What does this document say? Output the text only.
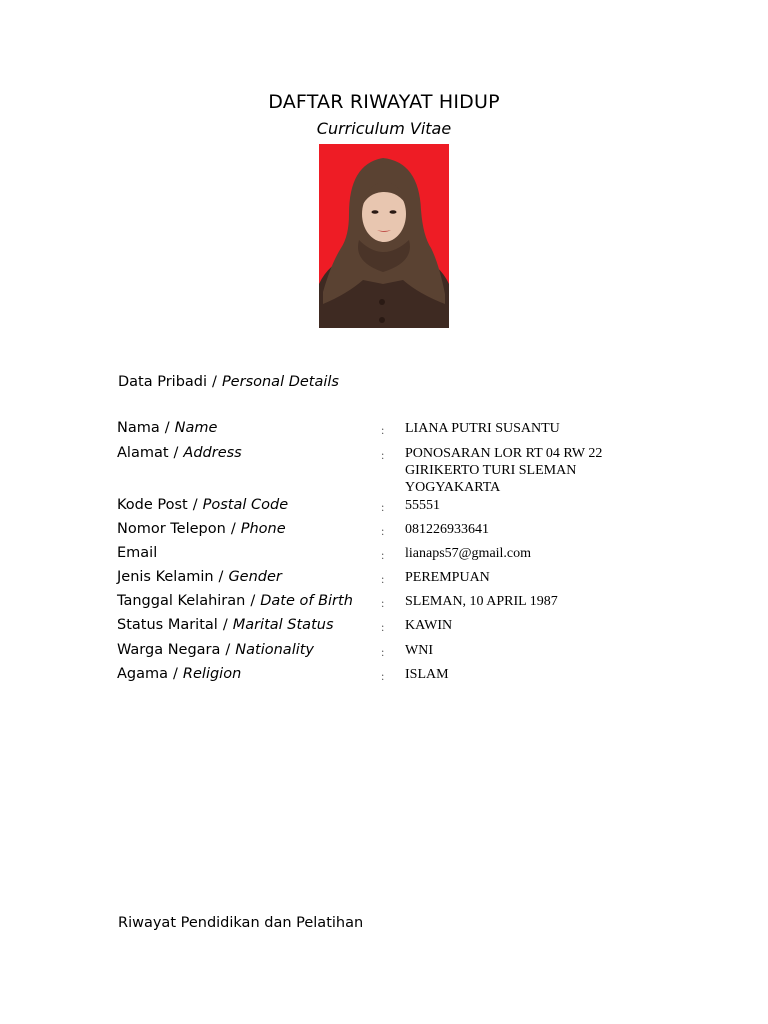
DAFTAR RIWAYAT HIDUP
Curriculum Vitae
Data Pribadi / Personal Details
Nama / Name	: LIANA PUTRI SUSANTU
Alamat / Address	: PONOSARAN LOR RT 04 RW 22
GIRIKERTO TURI SLEMAN
YOGYAKARTA
Kode Post / Postal Code	: 55551
Nomor Telepon / Phone	: 081226933641
Email	: lianaps57@gmail.com
Jenis Kelamin / Gender	: PEREMPUAN
Tanggal Kelahiran / Date of Birth : SLEMAN, 10 APRIL 1987
Status Marital / Marital Status	: KAWIN
Warga Negara / Nationality	: WNI
Agama / Religion	: ISLAM
Riwayat Pendidikan dan Pelatihan
